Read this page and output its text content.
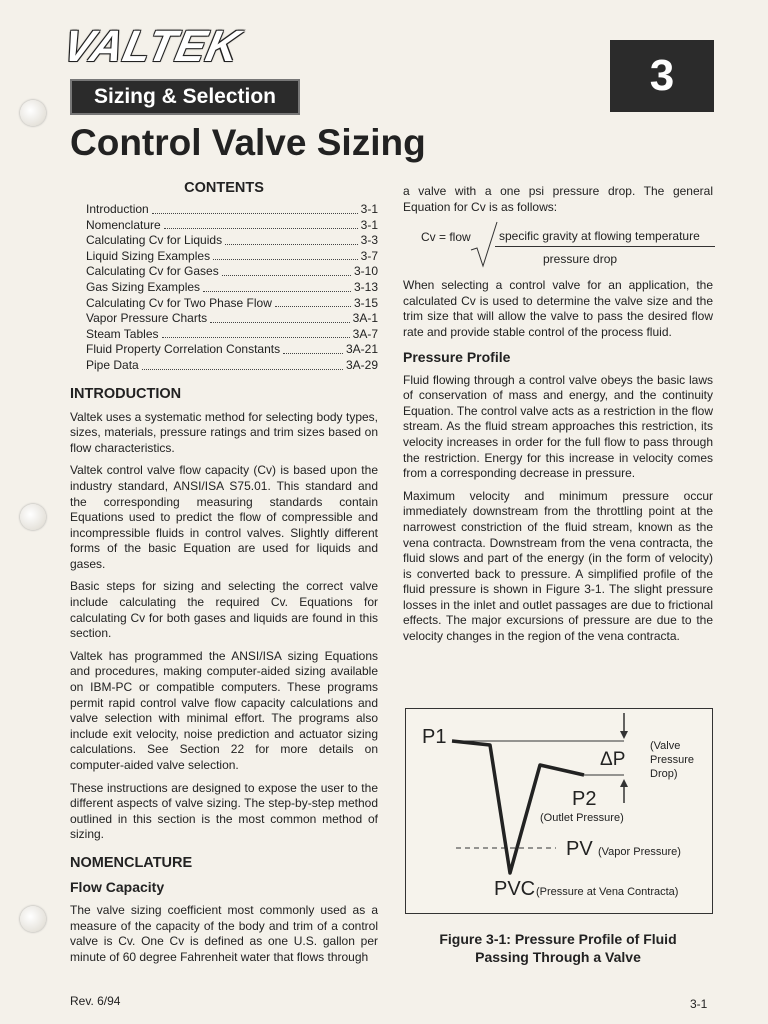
VALTEK
Sizing & Selection	3
Control Valve Sizing
CONTENTS
Introduction	3-1
Nomenclature	3-1
Calculating Cv for Liquids	3-3
Liquid Sizing Examples	3-7
Calculating Cv for Gases	3-10
Gas Sizing Examples	3-13
Calculating Cv for Two Phase Flow	3-15
Vapor Pressure Charts	3A-1
Steam Tables	3A-7
Fluid Property Correlation Constants	3A-21
Pipe Data	3A-29
INTRODUCTION

Valtek uses a systematic method for selecting body types, sizes, materials, pressure ratings and trim sizes based on flow characteristics.

Valtek control valve flow capacity (Cv) is based upon the industry standard, ANSI/ISA S75.01. This standard and the corresponding measuring standards contain Equations used to predict the flow of compressible and incompressible fluids in control valves. Slightly different forms of the basic Equation are used for liquids and gases.

Basic steps for sizing and selecting the correct valve include calculating the required Cv. Equations for calculating Cv for both gases and liquids are found in this section.

Valtek has programmed the ANSI/ISA sizing Equations and procedures, making computer-aided sizing available on IBM-PC or compatible computers. These programs permit rapid control valve flow capacity calculations and valve selection with minimal effort. The programs also include exit velocity, noise prediction and actuator sizing calculations. See Section 22 for more details on computer-aided valve selection.

These instructions are designed to expose the user to the different aspects of valve sizing. The step-by-step method outlined in this section is the most common method of sizing.

NOMENCLATURE
Flow Capacity

The valve sizing coefficient most commonly used as a measure of the capacity of the body and trim of a control valve is Cv. One Cv is defined as one U.S. gallon per minute of 60 degree Fahrenheit water that flows through

a valve with a one psi pressure drop. The general Equation for Cv is as follows:

Cv = flow specific gravity at flowing temperature
pressure drop

When selecting a control valve for an application, the calculated Cv is used to determine the valve size and the trim size that will allow the valve to pass the desired flow rate and provide stable control of the process fluid.

Pressure Profile

Fluid flowing through a control valve obeys the basic laws of conservation of mass and energy, and the continuity Equation. The control valve acts as a restriction in the flow stream. As the fluid stream approaches this restriction, its velocity increases in order for the full flow to pass through the restriction. Energy for this increase in velocity comes from a corresponding decrease in pressure.

Maximum velocity and minimum pressure occur immediately downstream from the throttling point at the narrowest constriction of the fluid stream, known as the vena contracta. Downstream from the vena contracta, the fluid slows and part of the energy (in the form of velocity) is converted back to pressure. A simplified profile of the fluid pressure is shown in Figure 3-1. The slight pressure losses in the inlet and outlet passages are due to frictional effects. The major excursions of pressure are due to the velocity changes in the region of the vena contracta.

P1
ΔP
(Valve
Pressure
Drop)
P2
(Outlet Pressure)
PV (Vapor Pressure)
PVC (Pressure at Vena Contracta)
Figure 3-1: Pressure Profile of Fluid
Passing Through a Valve
Rev. 6/94	3-1
